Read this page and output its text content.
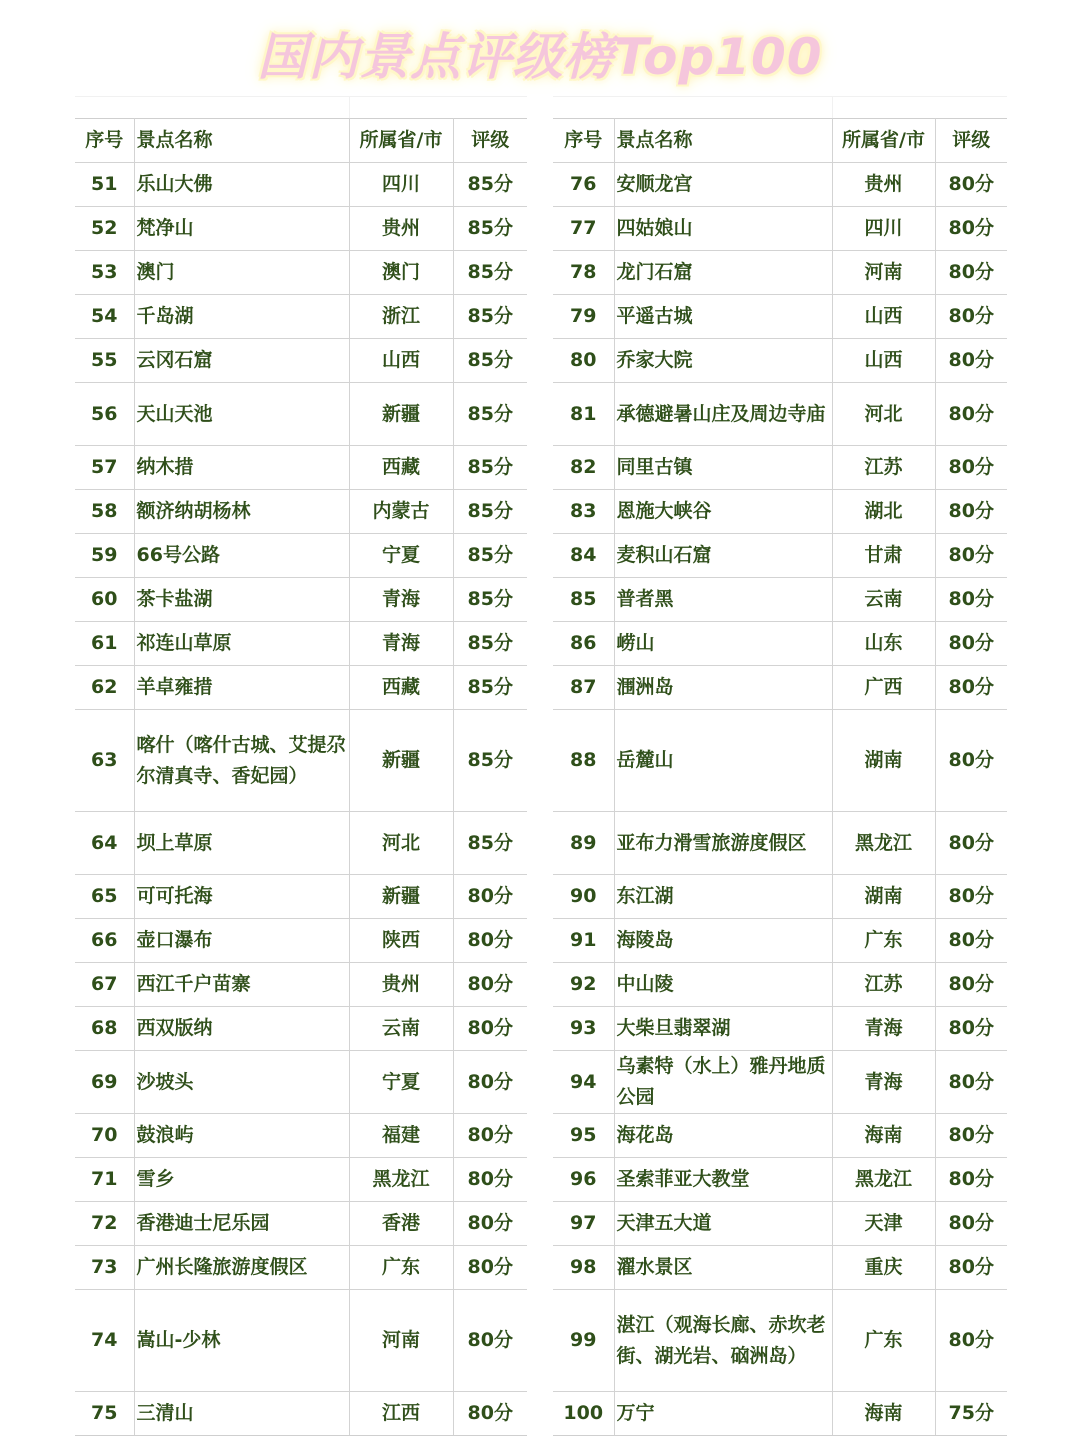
国内景点评级榜Top100
序号	景点名称	所属省/市	评级
51	乐山大佛	四川	85分
52	梵净山	贵州	85分
53	澳门	澳门	85分
54	千岛湖	浙江	85分
55	云冈石窟	山西	85分
56	天山天池	新疆	85分
57	纳木措	西藏	85分
58	额济纳胡杨林	内蒙古	85分
59	66号公路	宁夏	85分
60	茶卡盐湖	青海	85分
61	祁连山草原	青海	85分
62	羊卓雍措	西藏	85分
63	喀什（喀什古城、艾提尕尔清真寺、香妃园）	新疆	85分
64	坝上草原	河北	85分
65	可可托海	新疆	80分
66	壶口瀑布	陕西	80分
67	西江千户苗寨	贵州	80分
68	西双版纳	云南	80分
69	沙坡头	宁夏	80分
70	鼓浪屿	福建	80分
71	雪乡	黑龙江	80分
72	香港迪士尼乐园	香港	80分
73	广州长隆旅游度假区	广东	80分
74	嵩山-少林	河南	80分
75	三清山	江西	80分
序号	景点名称	所属省/市	评级
76	安顺龙宫	贵州	80分
77	四姑娘山	四川	80分
78	龙门石窟	河南	80分
79	平遥古城	山西	80分
80	乔家大院	山西	80分
81	承德避暑山庄及周边寺庙	河北	80分
82	同里古镇	江苏	80分
83	恩施大峡谷	湖北	80分
84	麦积山石窟	甘肃	80分
85	普者黑	云南	80分
86	崂山	山东	80分
87	涠洲岛	广西	80分
88	岳麓山	湖南	80分
89	亚布力滑雪旅游度假区	黑龙江	80分
90	东江湖	湖南	80分
91	海陵岛	广东	80分
92	中山陵	江苏	80分
93	大柴旦翡翠湖	青海	80分
94	乌素特（水上）雅丹地质公园	青海	80分
95	海花岛	海南	80分
96	圣索菲亚大教堂	黑龙江	80分
97	天津五大道	天津	80分
98	濯水景区	重庆	80分
99	湛江（观海长廊、赤坎老街、湖光岩、硇洲岛）	广东	80分
100	万宁	海南	75分
